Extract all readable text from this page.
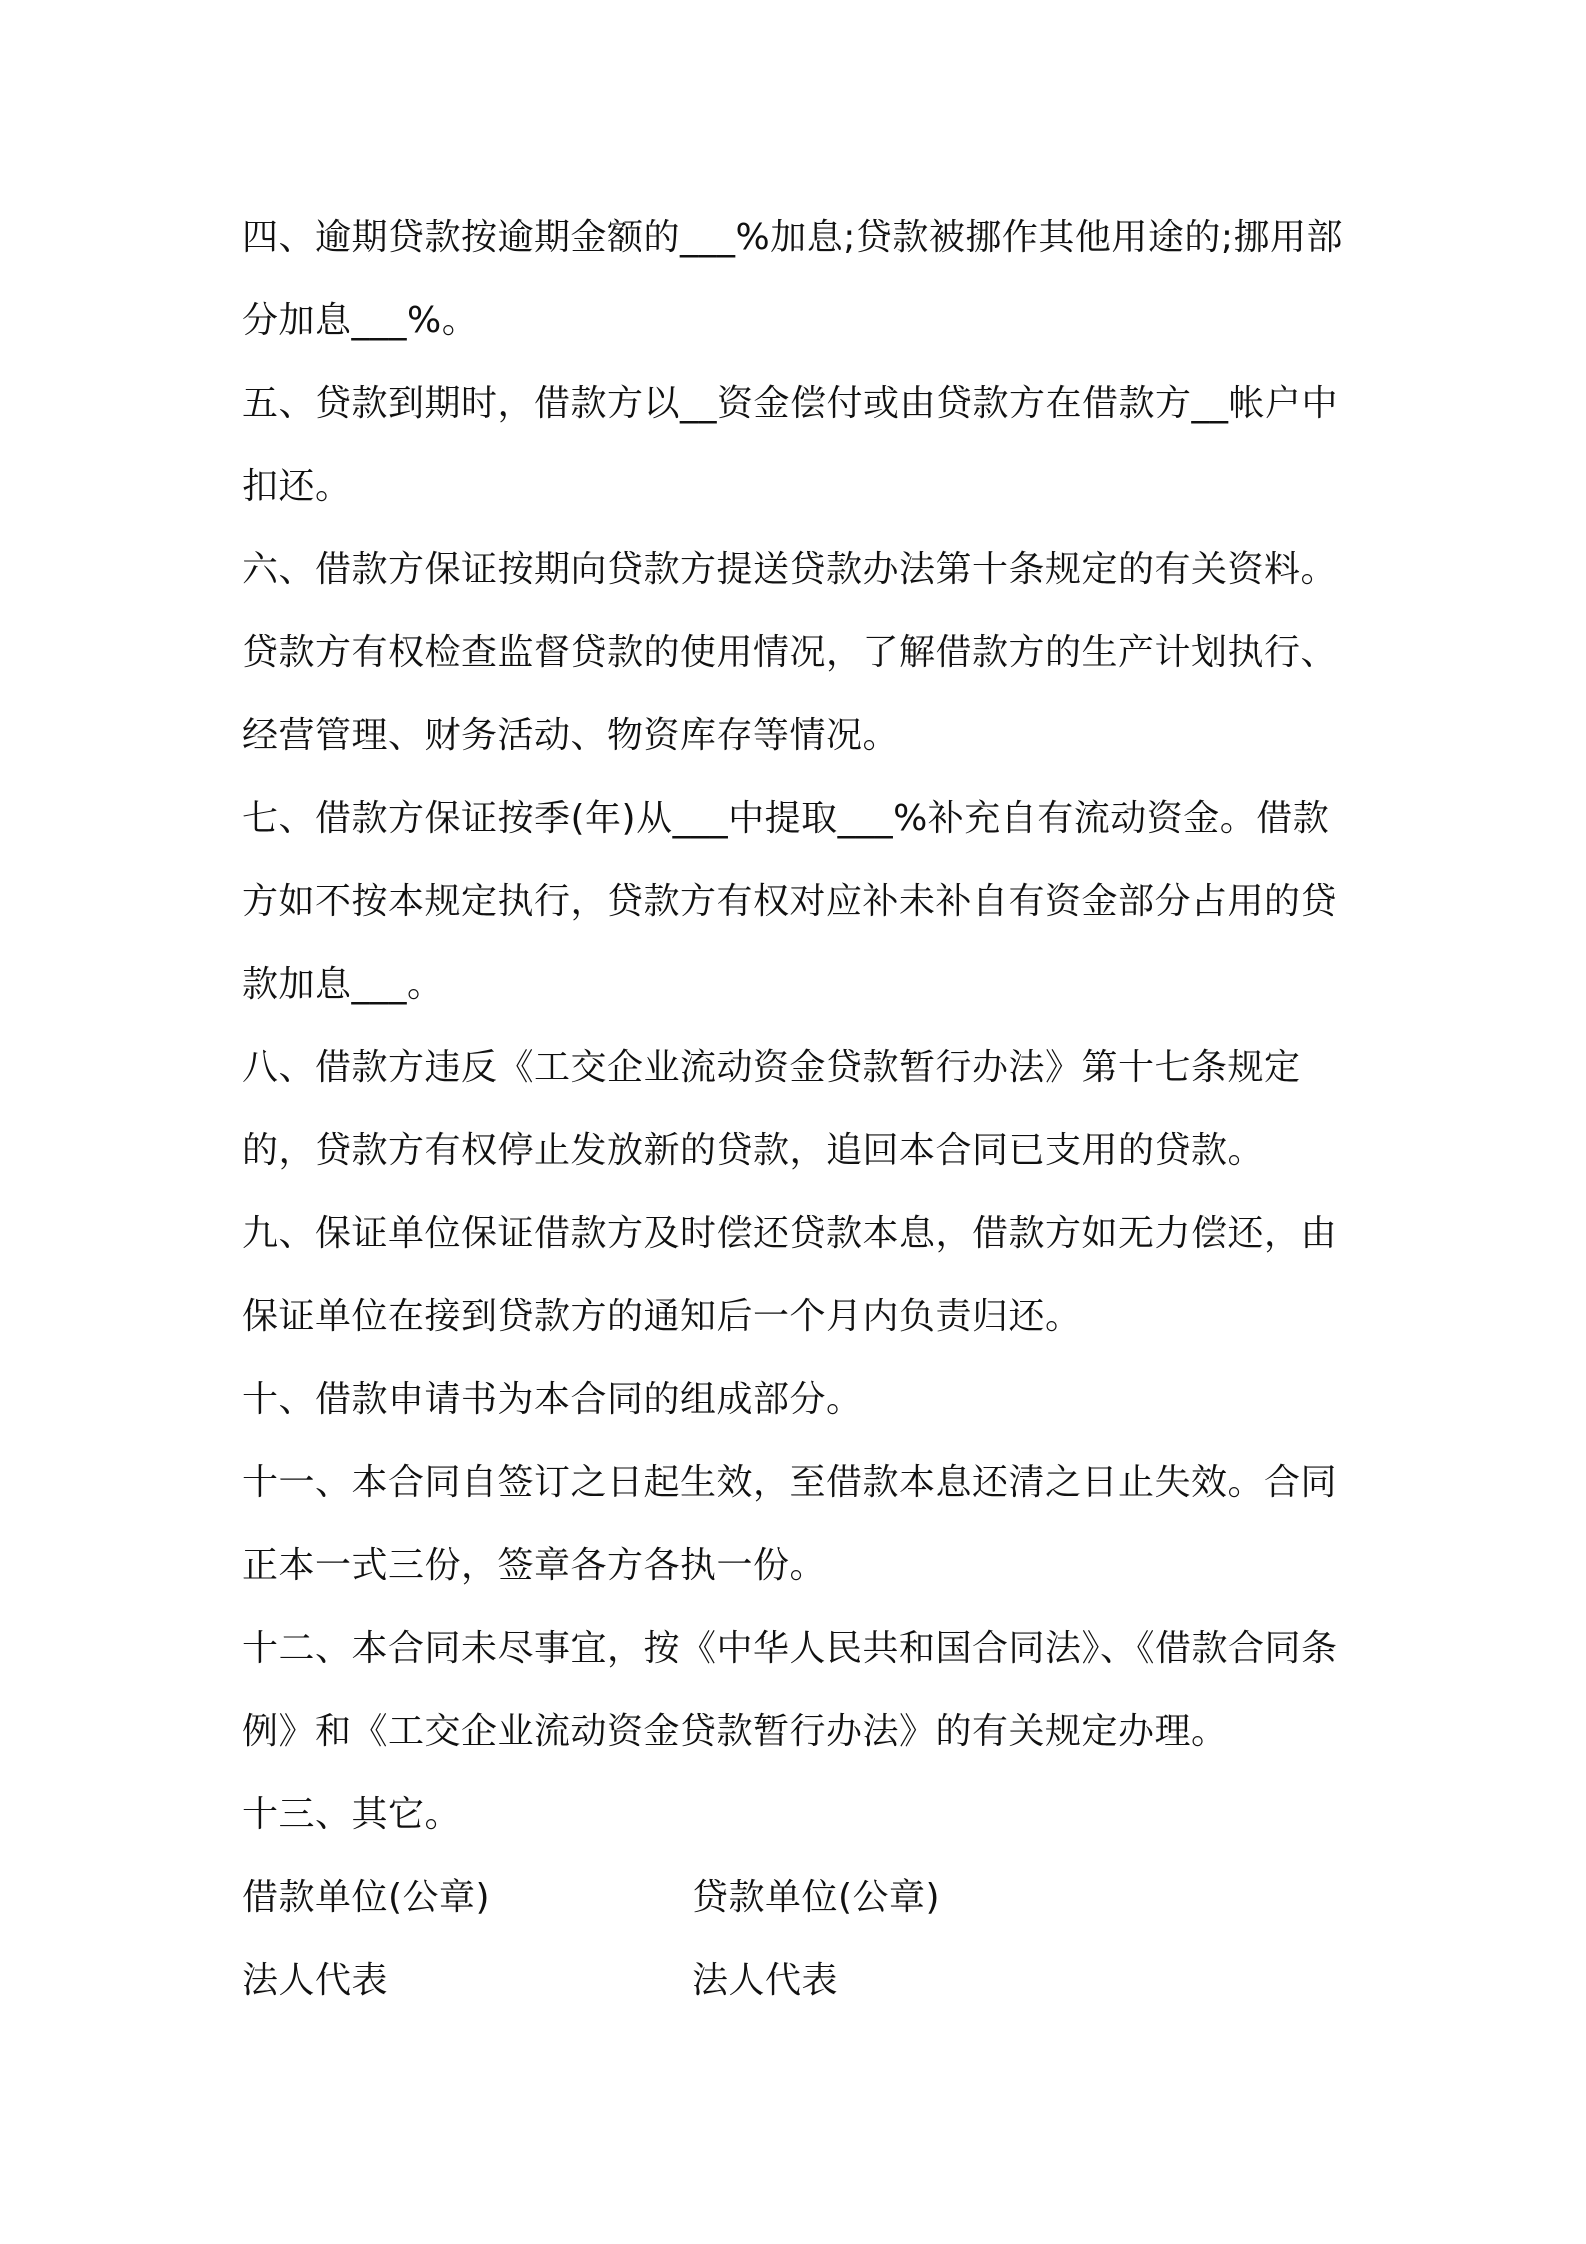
四、逾期贷款按逾期金额的___%加息;贷款被挪作其他用途的;挪用部分加息___%。

五、贷款到期时，借款方以__资金偿付或由贷款方在借款方__帐户中扣还。

六、借款方保证按期向贷款方提送贷款办法第十条规定的有关资料。贷款方有权检查监督贷款的使用情况，了解借款方的生产计划执行、经营管理、财务活动、物资库存等情况。

七、借款方保证按季(年)从___中提取___%补充自有流动资金。借款方如不按本规定执行，贷款方有权对应补未补自有资金部分占用的贷款加息___。

八、借款方违反《工交企业流动资金贷款暂行办法》第十七条规定的，贷款方有权停止发放新的贷款，追回本合同已支用的贷款。

九、保证单位保证借款方及时偿还贷款本息，借款方如无力偿还，由保证单位在接到贷款方的通知后一个月内负责归还。

十、借款申请书为本合同的组成部分。

十一、本合同自签订之日起生效，至借款本息还清之日止失效。合同正本一式三份，签章各方各执一份。

十二、本合同未尽事宜，按《中华人民共和国合同法》、《借款合同条例》和《工交企业流动资金贷款暂行办法》的有关规定办理。

十三、其它。

借款单位(公章)	贷款单位(公章)
法人代表	法人代表
